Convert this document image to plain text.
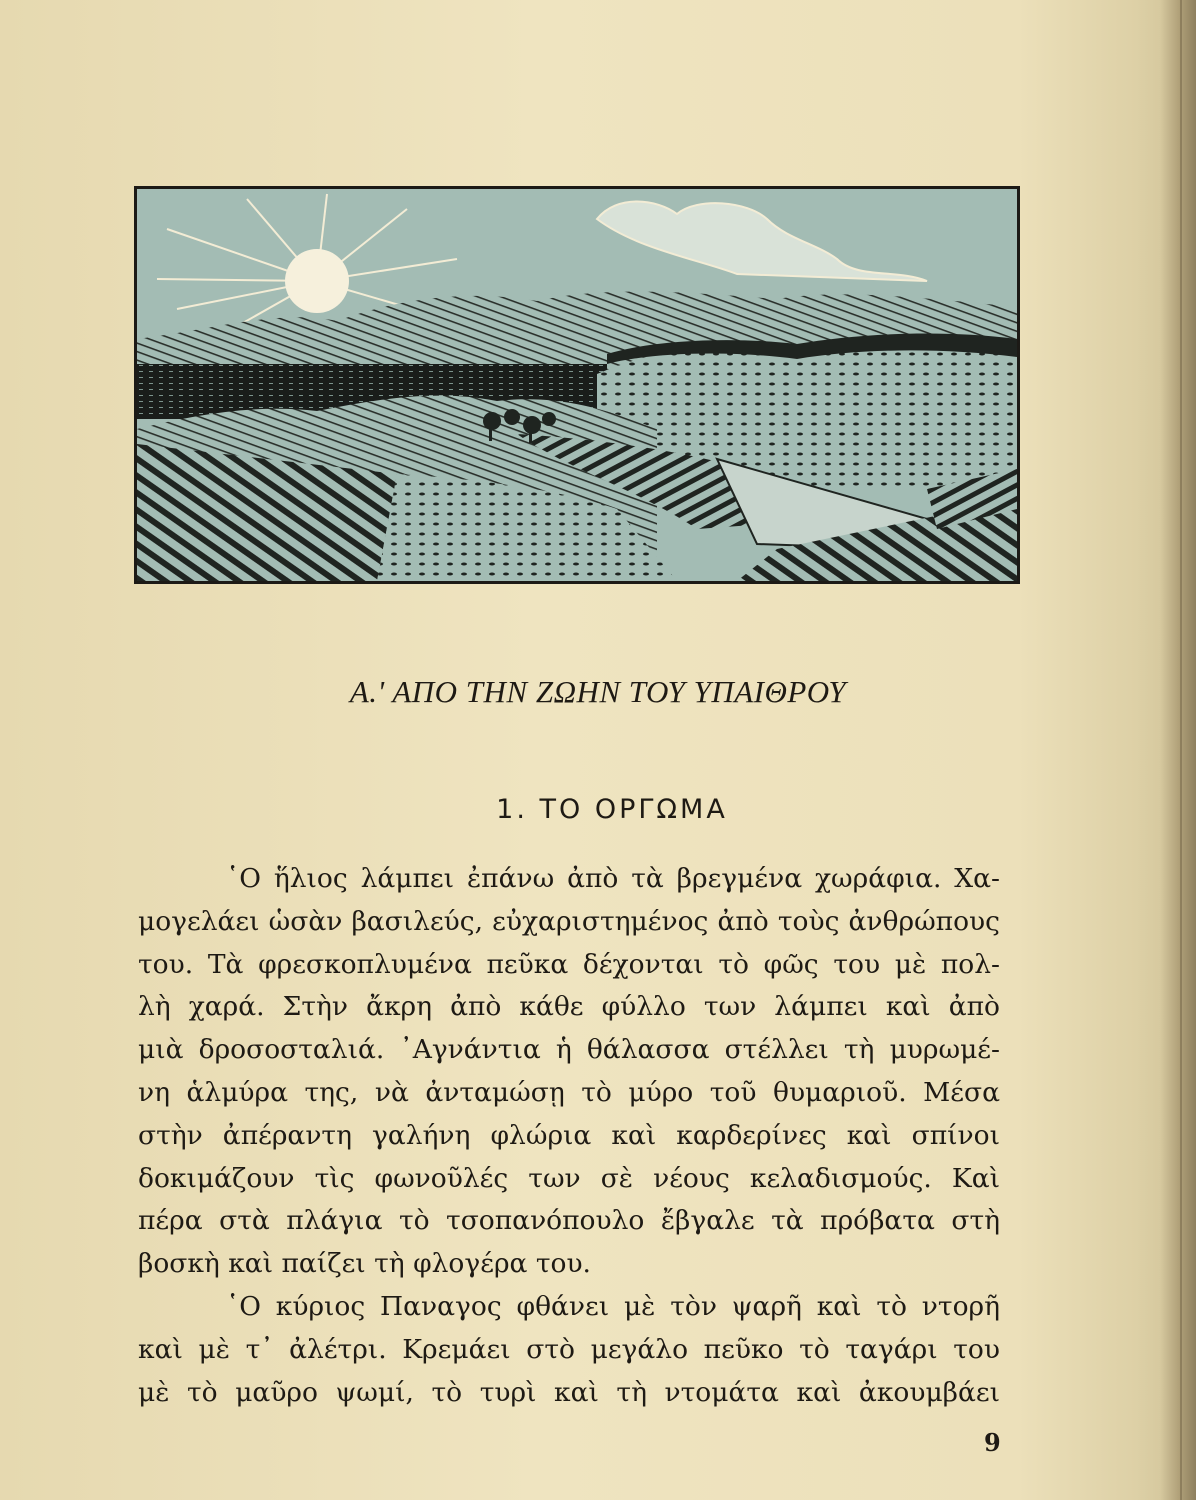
Α.' ΑΠΟ ΤΗΝ ΖΩΗΝ ΤΟΥ ΥΠΑΙΘΡΟΥ
1. ΤΟ ΟΡΓΩΜΑ
῾Ο ἥλιος λάμπει ἐπάνω ἀπὸ τὰ βρεγμένα χωράφια. Χα-
μογελάει ὡσὰν βασιλεύς, εὐχαριστημένος ἀπὸ τοὺς ἀνθρώπους
του. Τὰ φρεσκοπλυμένα πεῦκα δέχονται τὸ φῶς του μὲ πολ-
λὴ χαρά. Στὴν ἄκρη ἀπὸ κάθε φύλλο των λάμπει καὶ ἀπὸ
μιὰ δροσοσταλιά. ᾿Αγνάντια ἡ θάλασσα στέλλει τὴ μυρωμέ-
νη ἁλμύρα της, νὰ ἀνταμώσῃ τὸ μύρο τοῦ θυμαριοῦ. Μέσα
στὴν ἀπέραντη γαλήνη φλώρια καὶ καρδερίνες καὶ σπίνοι
δοκιμάζουν τὶς φωνοῦλές των σὲ νέους κελαδισμούς. Καὶ
πέρα στὰ πλάγια τὸ τσοπανόπουλο ἔβγαλε τὰ πρόβατα στὴ
βοσκὴ καὶ παίζει τὴ φλογέρα του.
῾Ο κύριος Παναγος φθάνει μὲ τὸν ψαρῆ καὶ τὸ ντορῆ
καὶ μὲ τ᾿ ἀλέτρι. Κρεμάει στὸ μεγάλο πεῦκο τὸ ταγάρι του
μὲ τὸ μαῦρο ψωμί, τὸ τυρὶ καὶ τὴ ντομάτα καὶ ἀκουμβάει
9
